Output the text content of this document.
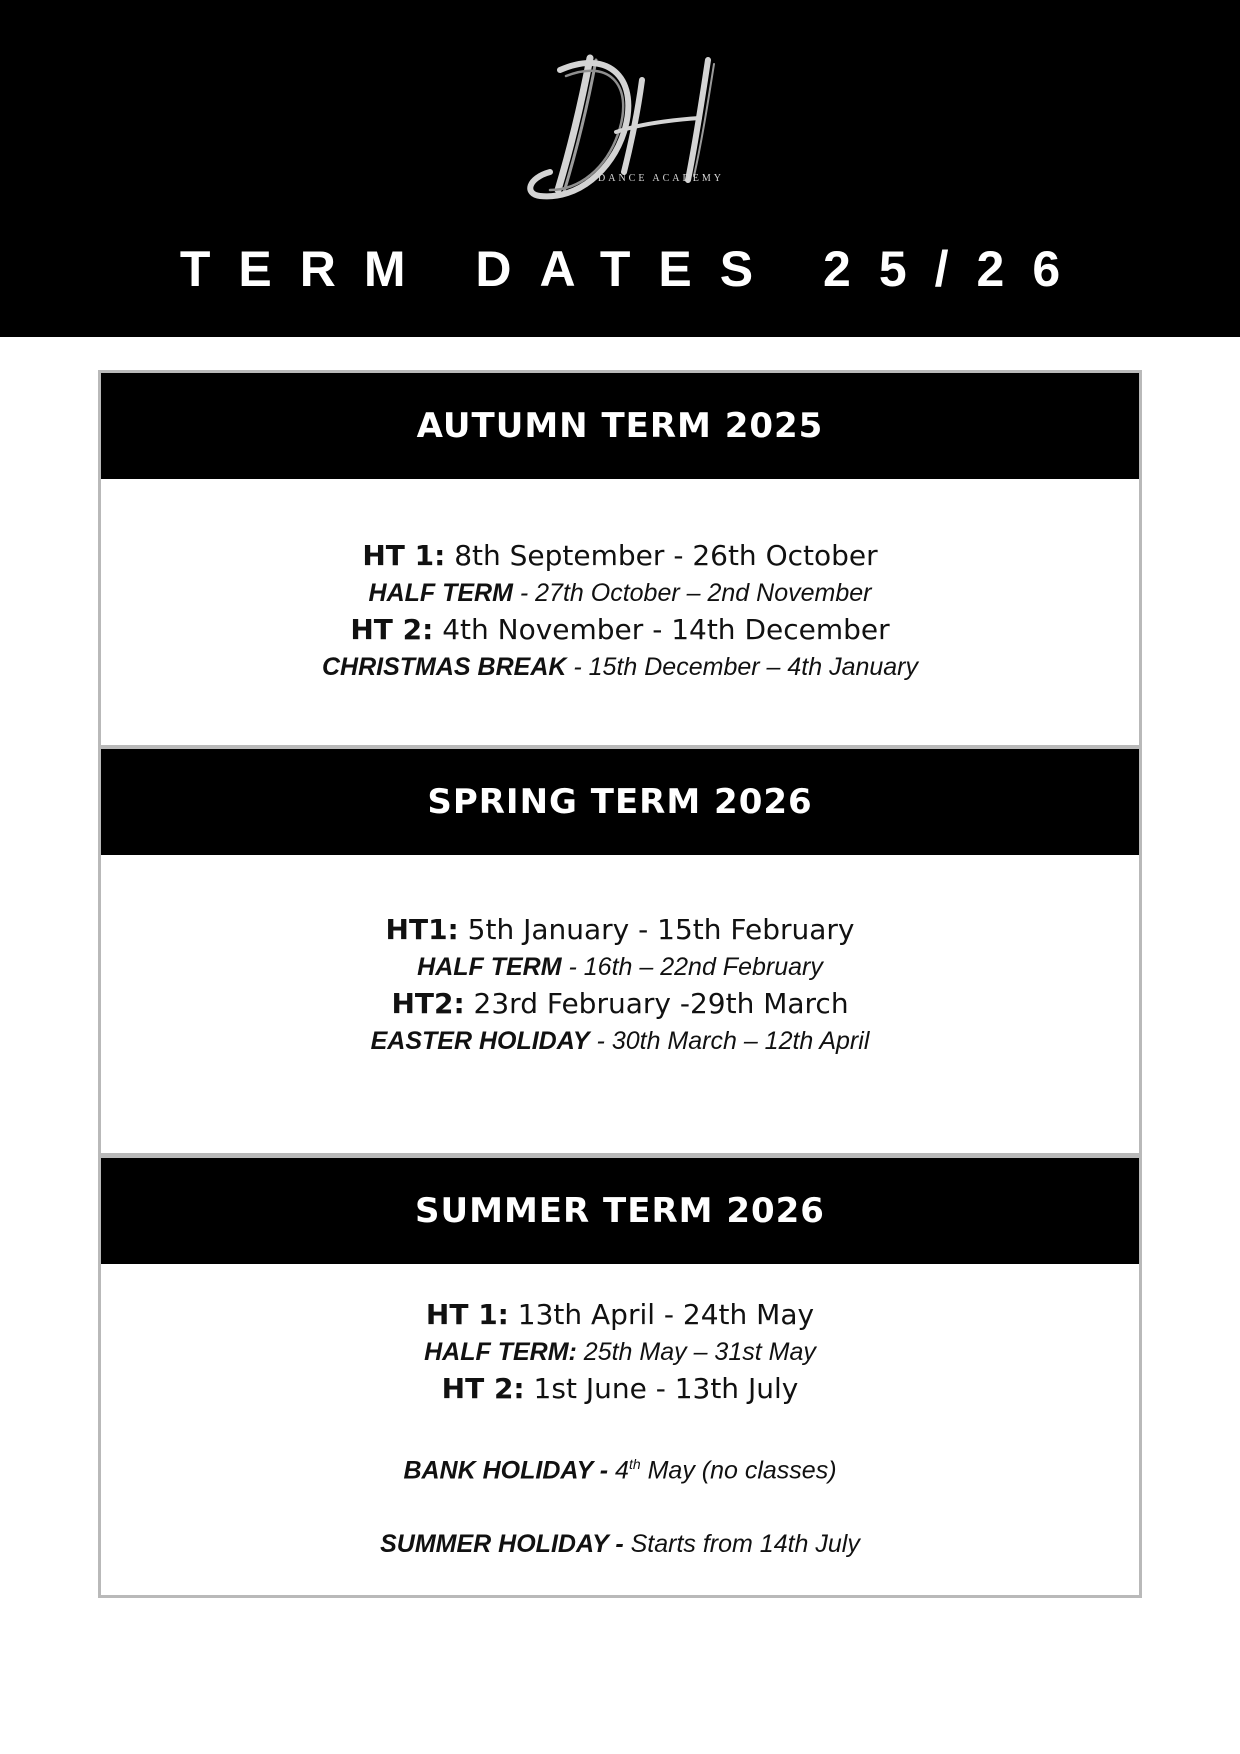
DANCE ACADEMY
TERM DATES 25/26
AUTUMN TERM 2025
HT 1: 8th September - 26th October
HALF TERM - 27th October – 2nd November
HT 2: 4th November - 14th December
CHRISTMAS BREAK - 15th December – 4th January
SPRING TERM 2026
HT1: 5th January - 15th February
HALF TERM - 16th – 22nd February
HT2: 23rd February -29th March
EASTER HOLIDAY - 30th March – 12th April
SUMMER TERM 2026
HT 1: 13th April - 24th May
HALF TERM: 25th May – 31st May
HT 2: 1st June - 13th July
BANK HOLIDAY - 4th May (no classes)
SUMMER HOLIDAY - Starts from 14th July
